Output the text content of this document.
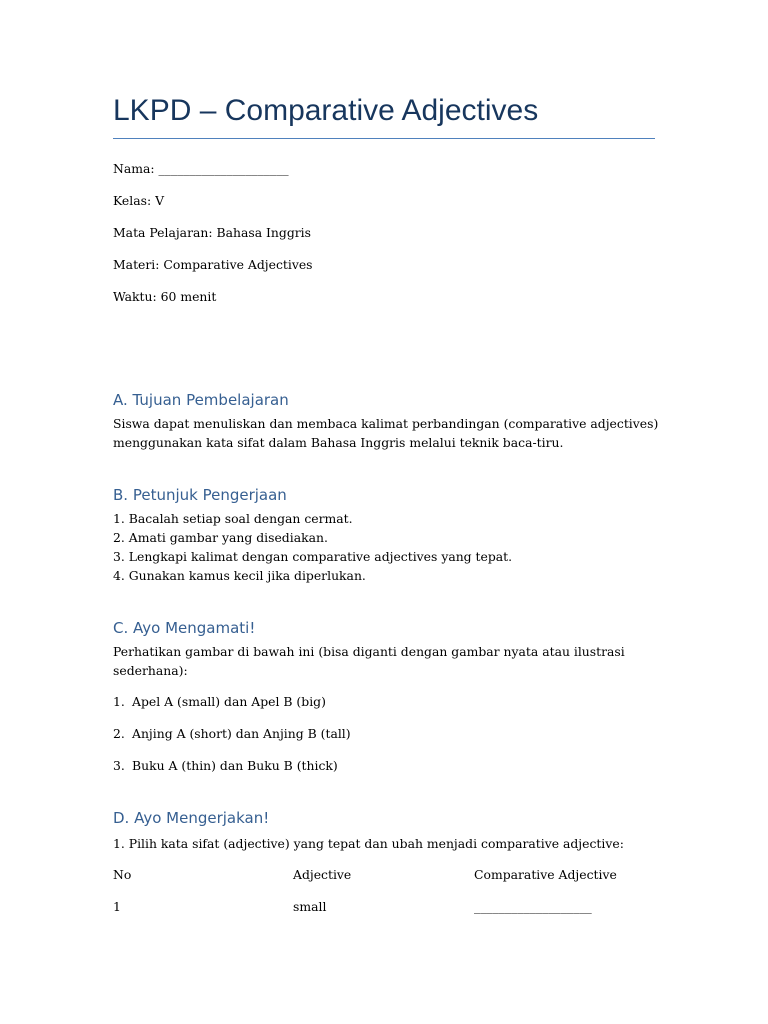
LKPD – Comparative Adjectives
Nama: _____________________
Kelas: V
Mata Pelajaran: Bahasa Inggris
Materi: Comparative Adjectives
Waktu: 60 menit
A. Tujuan Pembelajaran
Siswa dapat menuliskan dan membaca kalimat perbandingan (comparative adjectives)
menggunakan kata sifat dalam Bahasa Inggris melalui teknik baca-tiru.
B. Petunjuk Pengerjaan
1. Bacalah setiap soal dengan cermat.
2. Amati gambar yang disediakan.
3. Lengkapi kalimat dengan comparative adjectives yang tepat.
4. Gunakan kamus kecil jika diperlukan.
C. Ayo Mengamati!
Perhatikan gambar di bawah ini (bisa diganti dengan gambar nyata atau ilustrasi
sederhana):
1. Apel A (small) dan Apel B (big)
2. Anjing A (short) dan Anjing B (tall)
3. Buku A (thin) dan Buku B (thick)
D. Ayo Mengerjakan!
1. Pilih kata sifat (adjective) yang tepat dan ubah menjadi comparative adjective:
No	Adjective	Comparative Adjective
1	small	___________________
